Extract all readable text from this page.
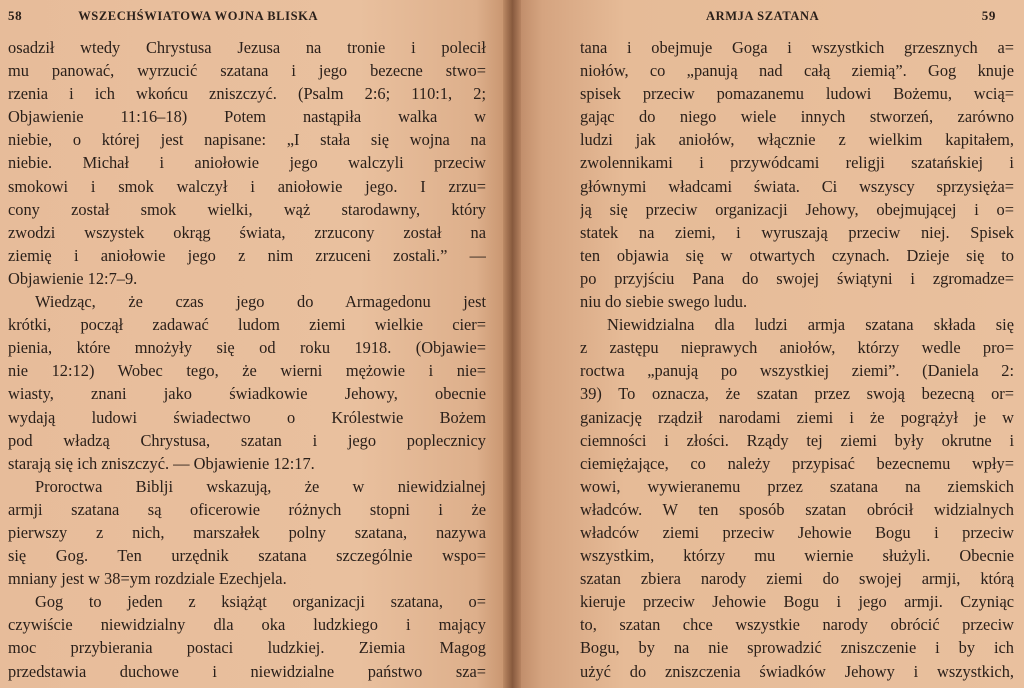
58	WSZECHŚWIATOWA WOJNA BLISKA
osadził wtedy Chrystusa Jezusa na tronie i polecił
mu panować, wyrzucić szatana i jego bezecne stwo=
rzenia i ich wkońcu zniszczyć. (Psalm 2:6; 110:1, 2;
Objawienie 11:16–18) Potem nastąpiła walka w
niebie, o której jest napisane: „I stała się wojna na
niebie. Michał i aniołowie jego walczyli przeciw
smokowi i smok walczył i aniołowie jego. I zrzu=
cony został smok wielki, wąż starodawny, który
zwodzi wszystek okrąg świata, zrzucony został na
ziemię i aniołowie jego z nim zrzuceni zostali.” —
Objawienie 12:7–9.
Wiedząc, że czas jego do Armagedonu jest
krótki, począł zadawać ludom ziemi wielkie cier=
pienia, które mnożyły się od roku 1918. (Objawie=
nie 12:12) Wobec tego, że wierni mężowie i nie=
wiasty, znani jako świadkowie Jehowy, obecnie
wydają ludowi świadectwo o Królestwie Bożem
pod władzą Chrystusa, szatan i jego poplecznicy
starają się ich zniszczyć. — Objawienie 12:17.
Proroctwa Biblji wskazują, że w niewidzialnej
armji szatana są oficerowie różnych stopni i że
pierwszy z nich, marszałek polny szatana, nazywa
się Gog. Ten urzędnik szatana szczególnie wspo=
mniany jest w 38=ym rozdziale Ezechjela.
Gog to jeden z książąt organizacji szatana, o=
czywiście niewidzialny dla oka ludzkiego i mający
moc przybierania postaci ludzkiej. Ziemia Magog
przedstawia duchowe i niewidzialne państwo sza=
ARMJA SZATANA	59
tana i obejmuje Goga i wszystkich grzesznych a=
niołów, co „panują nad całą ziemią”. Gog knuje
spisek przeciw pomazanemu ludowi Bożemu, wcią=
gając do niego wiele innych stworzeń, zarówno
ludzi jak aniołów, włącznie z wielkim kapitałem,
zwolennikami i przywódcami religji szatańskiej i
głównymi władcami świata. Ci wszyscy sprzysięża=
ją się przeciw organizacji Jehowy, obejmującej i o=
statek na ziemi, i wyruszają przeciw niej. Spisek
ten objawia się w otwartych czynach. Dzieje się to
po przyjściu Pana do swojej świątyni i zgromadze=
niu do siebie swego ludu.
Niewidzialna dla ludzi armja szatana składa się
z zastępu nieprawych aniołów, którzy wedle pro=
roctwa „panują po wszystkiej ziemi”. (Daniela 2:
39) To oznacza, że szatan przez swoją bezecną or=
ganizację rządził narodami ziemi i że pogrążył je w
ciemności i złości. Rządy tej ziemi były okrutne i
ciemiężające, co należy przypisać bezecnemu wpły=
wowi, wywieranemu przez szatana na ziemskich
władców. W ten sposób szatan obrócił widzialnych
władców ziemi przeciw Jehowie Bogu i przeciw
wszystkim, którzy mu wiernie służyli. Obecnie
szatan zbiera narody ziemi do swojej armji, którą
kieruje przeciw Jehowie Bogu i jego armji. Czyniąc
to, szatan chce wszystkie narody obrócić przeciw
Bogu, by na nie sprowadzić zniszczenie i by ich
użyć do zniszczenia świadków Jehowy i wszystkich,
